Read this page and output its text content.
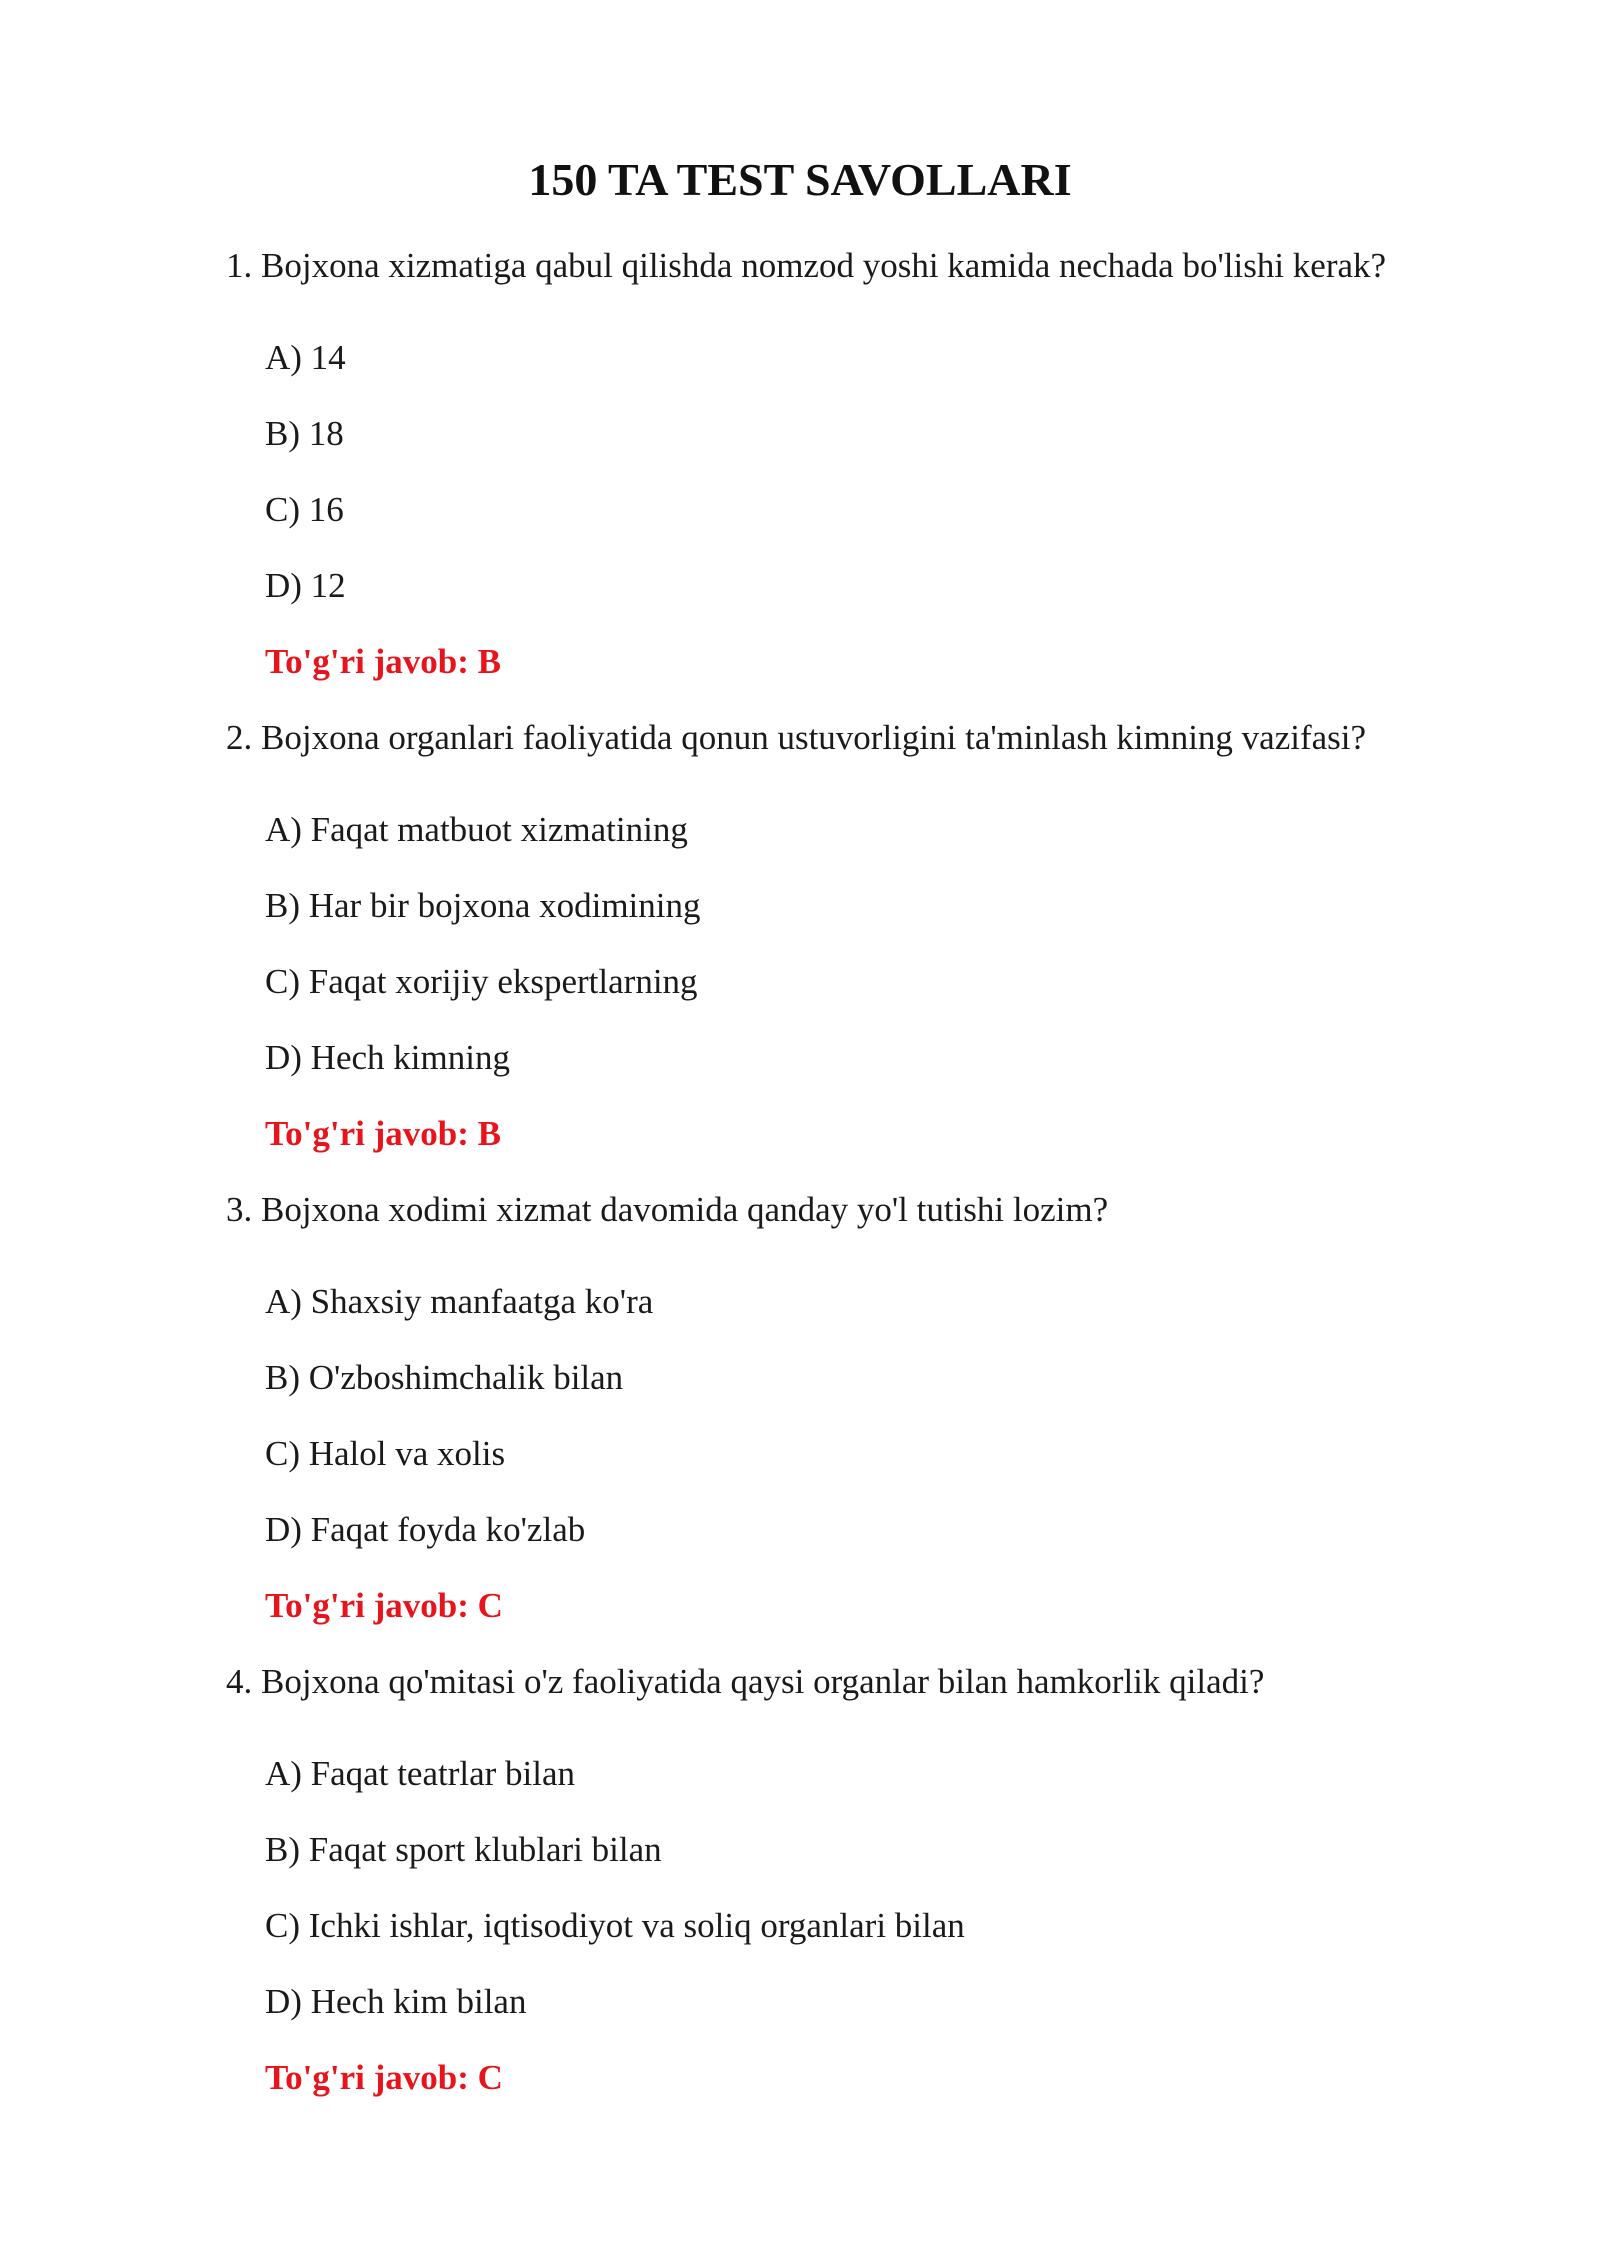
150 TA TEST SAVOLLARI
1. Bojxona xizmatiga qabul qilishda nomzod yoshi kamida nechada bo'lishi kerak?
A) 14
B) 18
C) 16
D) 12
To'g'ri javob: B
2. Bojxona organlari faoliyatida qonun ustuvorligini ta'minlash kimning vazifasi?
A) Faqat matbuot xizmatining
B) Har bir bojxona xodimining
C) Faqat xorijiy ekspertlarning
D) Hech kimning
To'g'ri javob: B
3. Bojxona xodimi xizmat davomida qanday yo'l tutishi lozim?
A) Shaxsiy manfaatga ko'ra
B) O'zboshimchalik bilan
C) Halol va xolis
D) Faqat foyda ko'zlab
To'g'ri javob: C
4. Bojxona qo'mitasi o'z faoliyatida qaysi organlar bilan hamkorlik qiladi?
A) Faqat teatrlar bilan
B) Faqat sport klublari bilan
C) Ichki ishlar, iqtisodiyot va soliq organlari bilan
D) Hech kim bilan
To'g'ri javob: C
